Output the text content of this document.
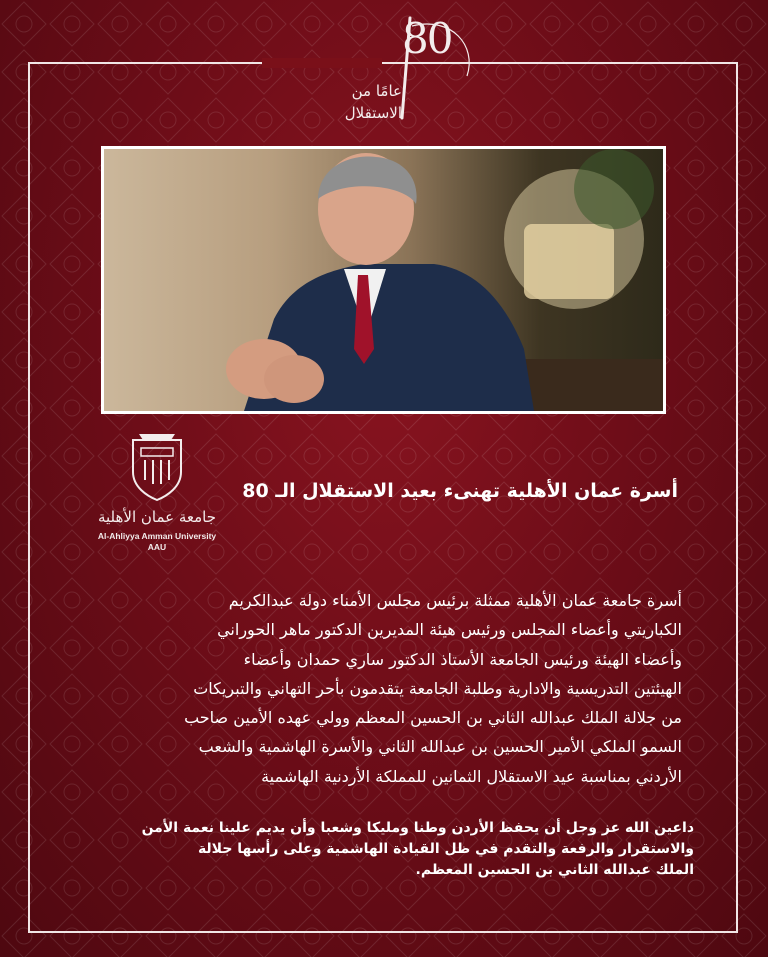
80
عامًا من
الاستقلال
جامعة عمان الأهلية
Al-Ahliyya Amman University
AAU
أسرة عمان الأهلية تهنىء بعيد الاستقلال الـ 80
أسرة جامعة عمان الأهلية ممثلة برئيس مجلس الأمناء دولة عبدالكريم
الكباريتي وأعضاء المجلس ورئيس هيئة المديرين الدكتور ماهر الحوراني
وأعضاء الهيئة ورئيس الجامعة الأستاذ الدكتور ساري حمدان وأعضاء
الهيئتين التدريسية والادارية وطلبة الجامعة يتقدمون بأحر التهاني والتبريكات
من جلالة الملك عبدالله الثاني بن الحسين المعظم وولي عهده الأمين صاحب
السمو الملكي الأمير الحسين بن عبدالله الثاني والأسرة الهاشمية والشعب
الأردني بمناسبة عيد الاستقلال الثمانين للمملكة الأردنية الهاشمية
داعين الله عز وجل أن يحفظ الأردن وطنا ومليكا وشعبا وأن يديم علينا نعمة الأمن
والاستقرار والرفعة والتقدم في ظل القيادة الهاشمية وعلى رأسها جلالة
الملك عبدالله الثاني بن الحسين المعظم.
